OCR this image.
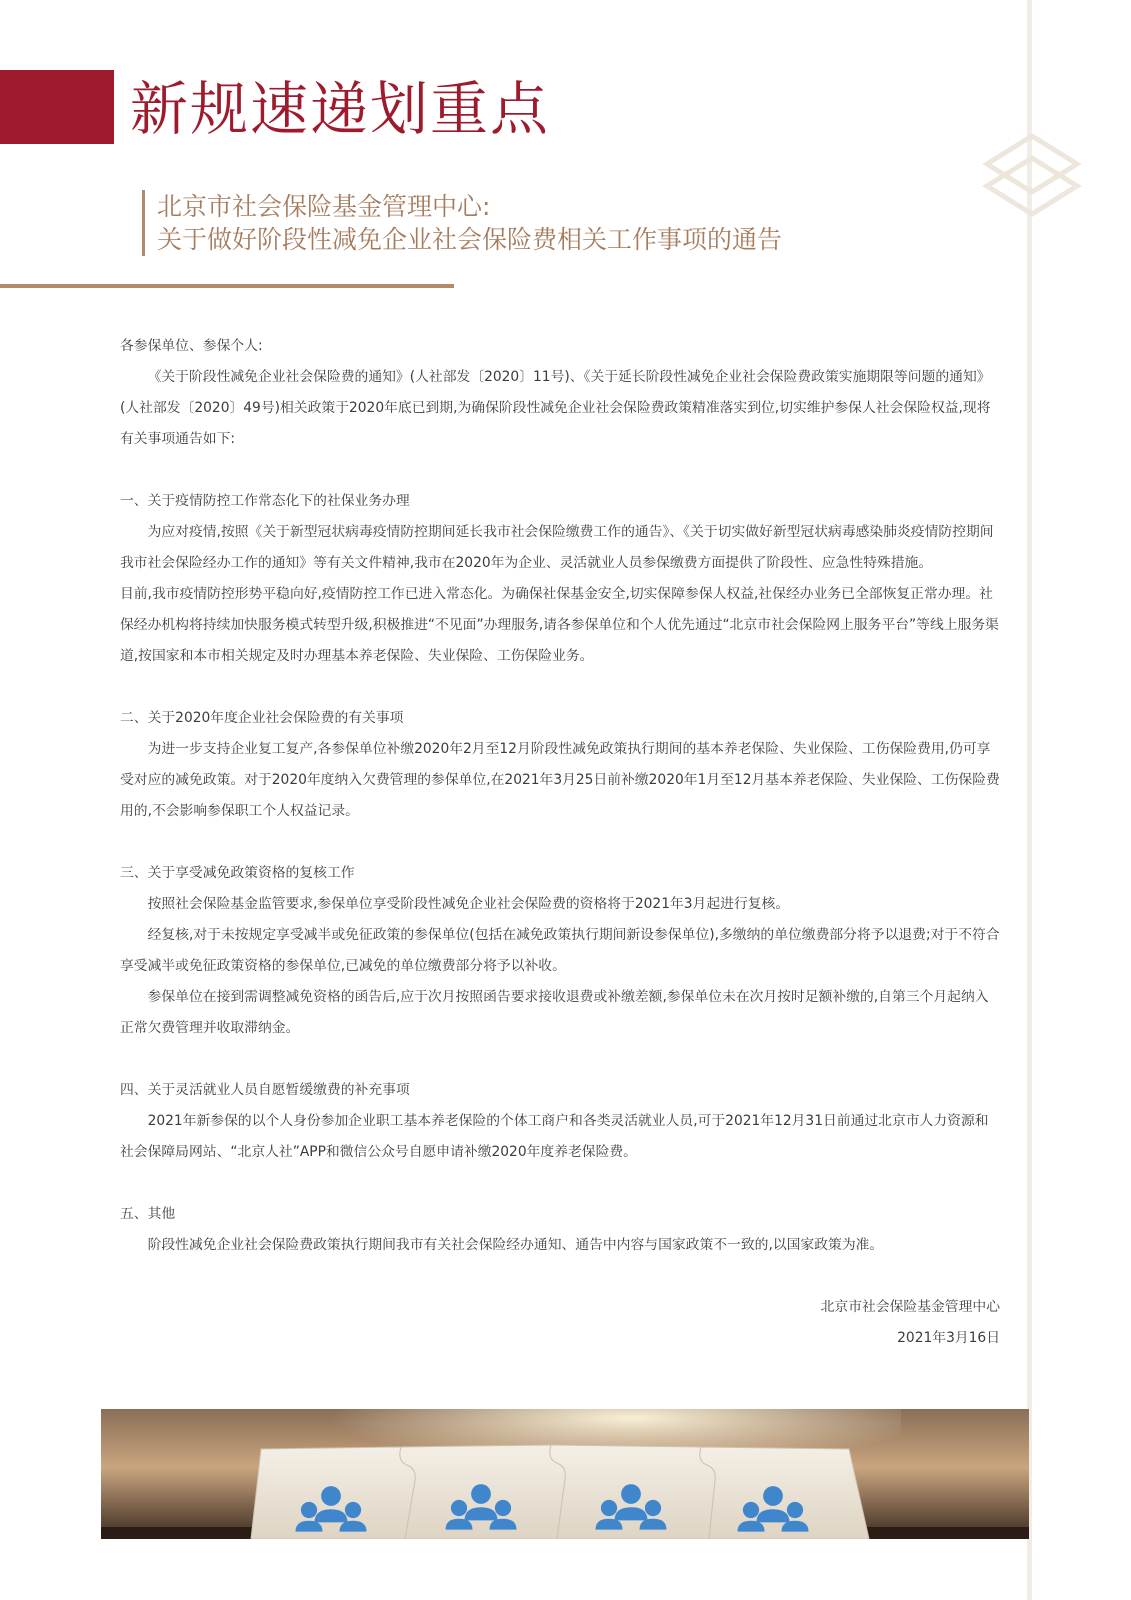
新规速递划重点
北京市社会保险基金管理中心:
关于做好阶段性减免企业社会保险费相关工作事项的通告

各参保单位、参保个人:

《关于阶段性减免企业社会保险费的通知》(人社部发〔2020〕11号)、《关于延长阶段性减免企业社会保险费政策实施期限等问题的通知》(人社部发〔2020〕49号)相关政策于2020年底已到期,为确保阶段性减免企业社会保险费政策精准落实到位,切实维护参保人社会保险权益,现将有关事项通告如下:

一、关于疫情防控工作常态化下的社保业务办理

为应对疫情,按照《关于新型冠状病毒疫情防控期间延长我市社会保险缴费工作的通告》、《关于切实做好新型冠状病毒感染肺炎疫情防控期间我市社会保险经办工作的通知》等有关文件精神,我市在2020年为企业、灵活就业人员参保缴费方面提供了阶段性、应急性特殊措施。

目前,我市疫情防控形势平稳向好,疫情防控工作已进入常态化。为确保社保基金安全,切实保障参保人权益,社保经办业务已全部恢复正常办理。社保经办机构将持续加快服务模式转型升级,积极推进“不见面”办理服务,请各参保单位和个人优先通过“北京市社会保险网上服务平台”等线上服务渠道,按国家和本市相关规定及时办理基本养老保险、失业保险、工伤保险业务。

二、关于2020年度企业社会保险费的有关事项

为进一步支持企业复工复产,各参保单位补缴2020年2月至12月阶段性减免政策执行期间的基本养老保险、失业保险、工伤保险费用,仍可享受对应的减免政策。对于2020年度纳入欠费管理的参保单位,在2021年3月25日前补缴2020年1月至12月基本养老保险、失业保险、工伤保险费用的,不会影响参保职工个人权益记录。

三、关于享受减免政策资格的复核工作

按照社会保险基金监管要求,参保单位享受阶段性减免企业社会保险费的资格将于2021年3月起进行复核。

经复核,对于未按规定享受减半或免征政策的参保单位(包括在减免政策执行期间新设参保单位),多缴纳的单位缴费部分将予以退费;对于不符合享受减半或免征政策资格的参保单位,已减免的单位缴费部分将予以补收。

参保单位在接到需调整减免资格的函告后,应于次月按照函告要求接收退费或补缴差额,参保单位未在次月按时足额补缴的,自第三个月起纳入正常欠费管理并收取滞纳金。

四、关于灵活就业人员自愿暂缓缴费的补充事项

2021年新参保的以个人身份参加企业职工基本养老保险的个体工商户和各类灵活就业人员,可于2021年12月31日前通过北京市人力资源和社会保障局网站、“北京人社”APP和微信公众号自愿申请补缴2020年度养老保险费。

五、其他

阶段性减免企业社会保险费政策执行期间我市有关社会保险经办通知、通告中内容与国家政策不一致的,以国家政策为准。

北京市社会保险基金管理中心

2021年3月16日
